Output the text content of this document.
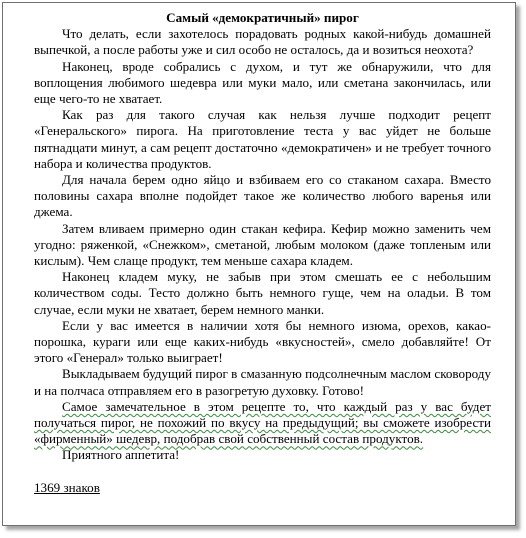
Самый «демократичный» пирог

Что делать, если захотелось порадовать родных какой-нибудь домашней выпечкой, а после работы уже и сил особо не осталось, да и возиться неохота?

Наконец, вроде собрались с духом, и тут же обнаружили, что для воплощения любимого шедевра или муки мало, или сметана закончилась, или еще чего-то не хватает.

Как раз для такого случая как нельзя лучше подходит рецепт «Генеральского» пирога. На приготовление теста у вас уйдет не больше пятнадцати минут, а сам рецепт достаточно «демократичен» и не требует точного набора и количества продуктов.

Для начала берем одно яйцо и взбиваем его со стаканом сахара. Вместо половины сахара вполне подойдет такое же количество любого варенья или джема.

Затем вливаем примерно один стакан кефира. Кефир можно заменить чем угодно: ряженкой, «Снежком», сметаной, любым молоком (даже топленым или кислым). Чем слаще продукт, тем меньше сахара кладем.

Наконец кладем муку, не забыв при этом смешать ее с небольшим количеством соды. Тесто должно быть немного гуще, чем на оладьи. В том случае, если муки не хватает, берем немного манки.

Если у вас имеется в наличии хотя бы немного изюма, орехов, какао-порошка, кураги или еще каких-нибудь «вкусностей», смело добавляйте! От этого «Генерал» только выиграет!

Выкладываем будущий пирог в смазанную подсолнечным маслом сковороду и на полчаса отправляем его в разогретую духовку. Готово!

Самое замечательное в этом рецепте то, что каждый раз у вас будет получаться пирог, не похожий по вкусу на предыдущий; вы сможете изобрести «фирменный» шедевр, подобрав свой собственный состав продуктов.

Приятного аппетита!

1369 знаков
